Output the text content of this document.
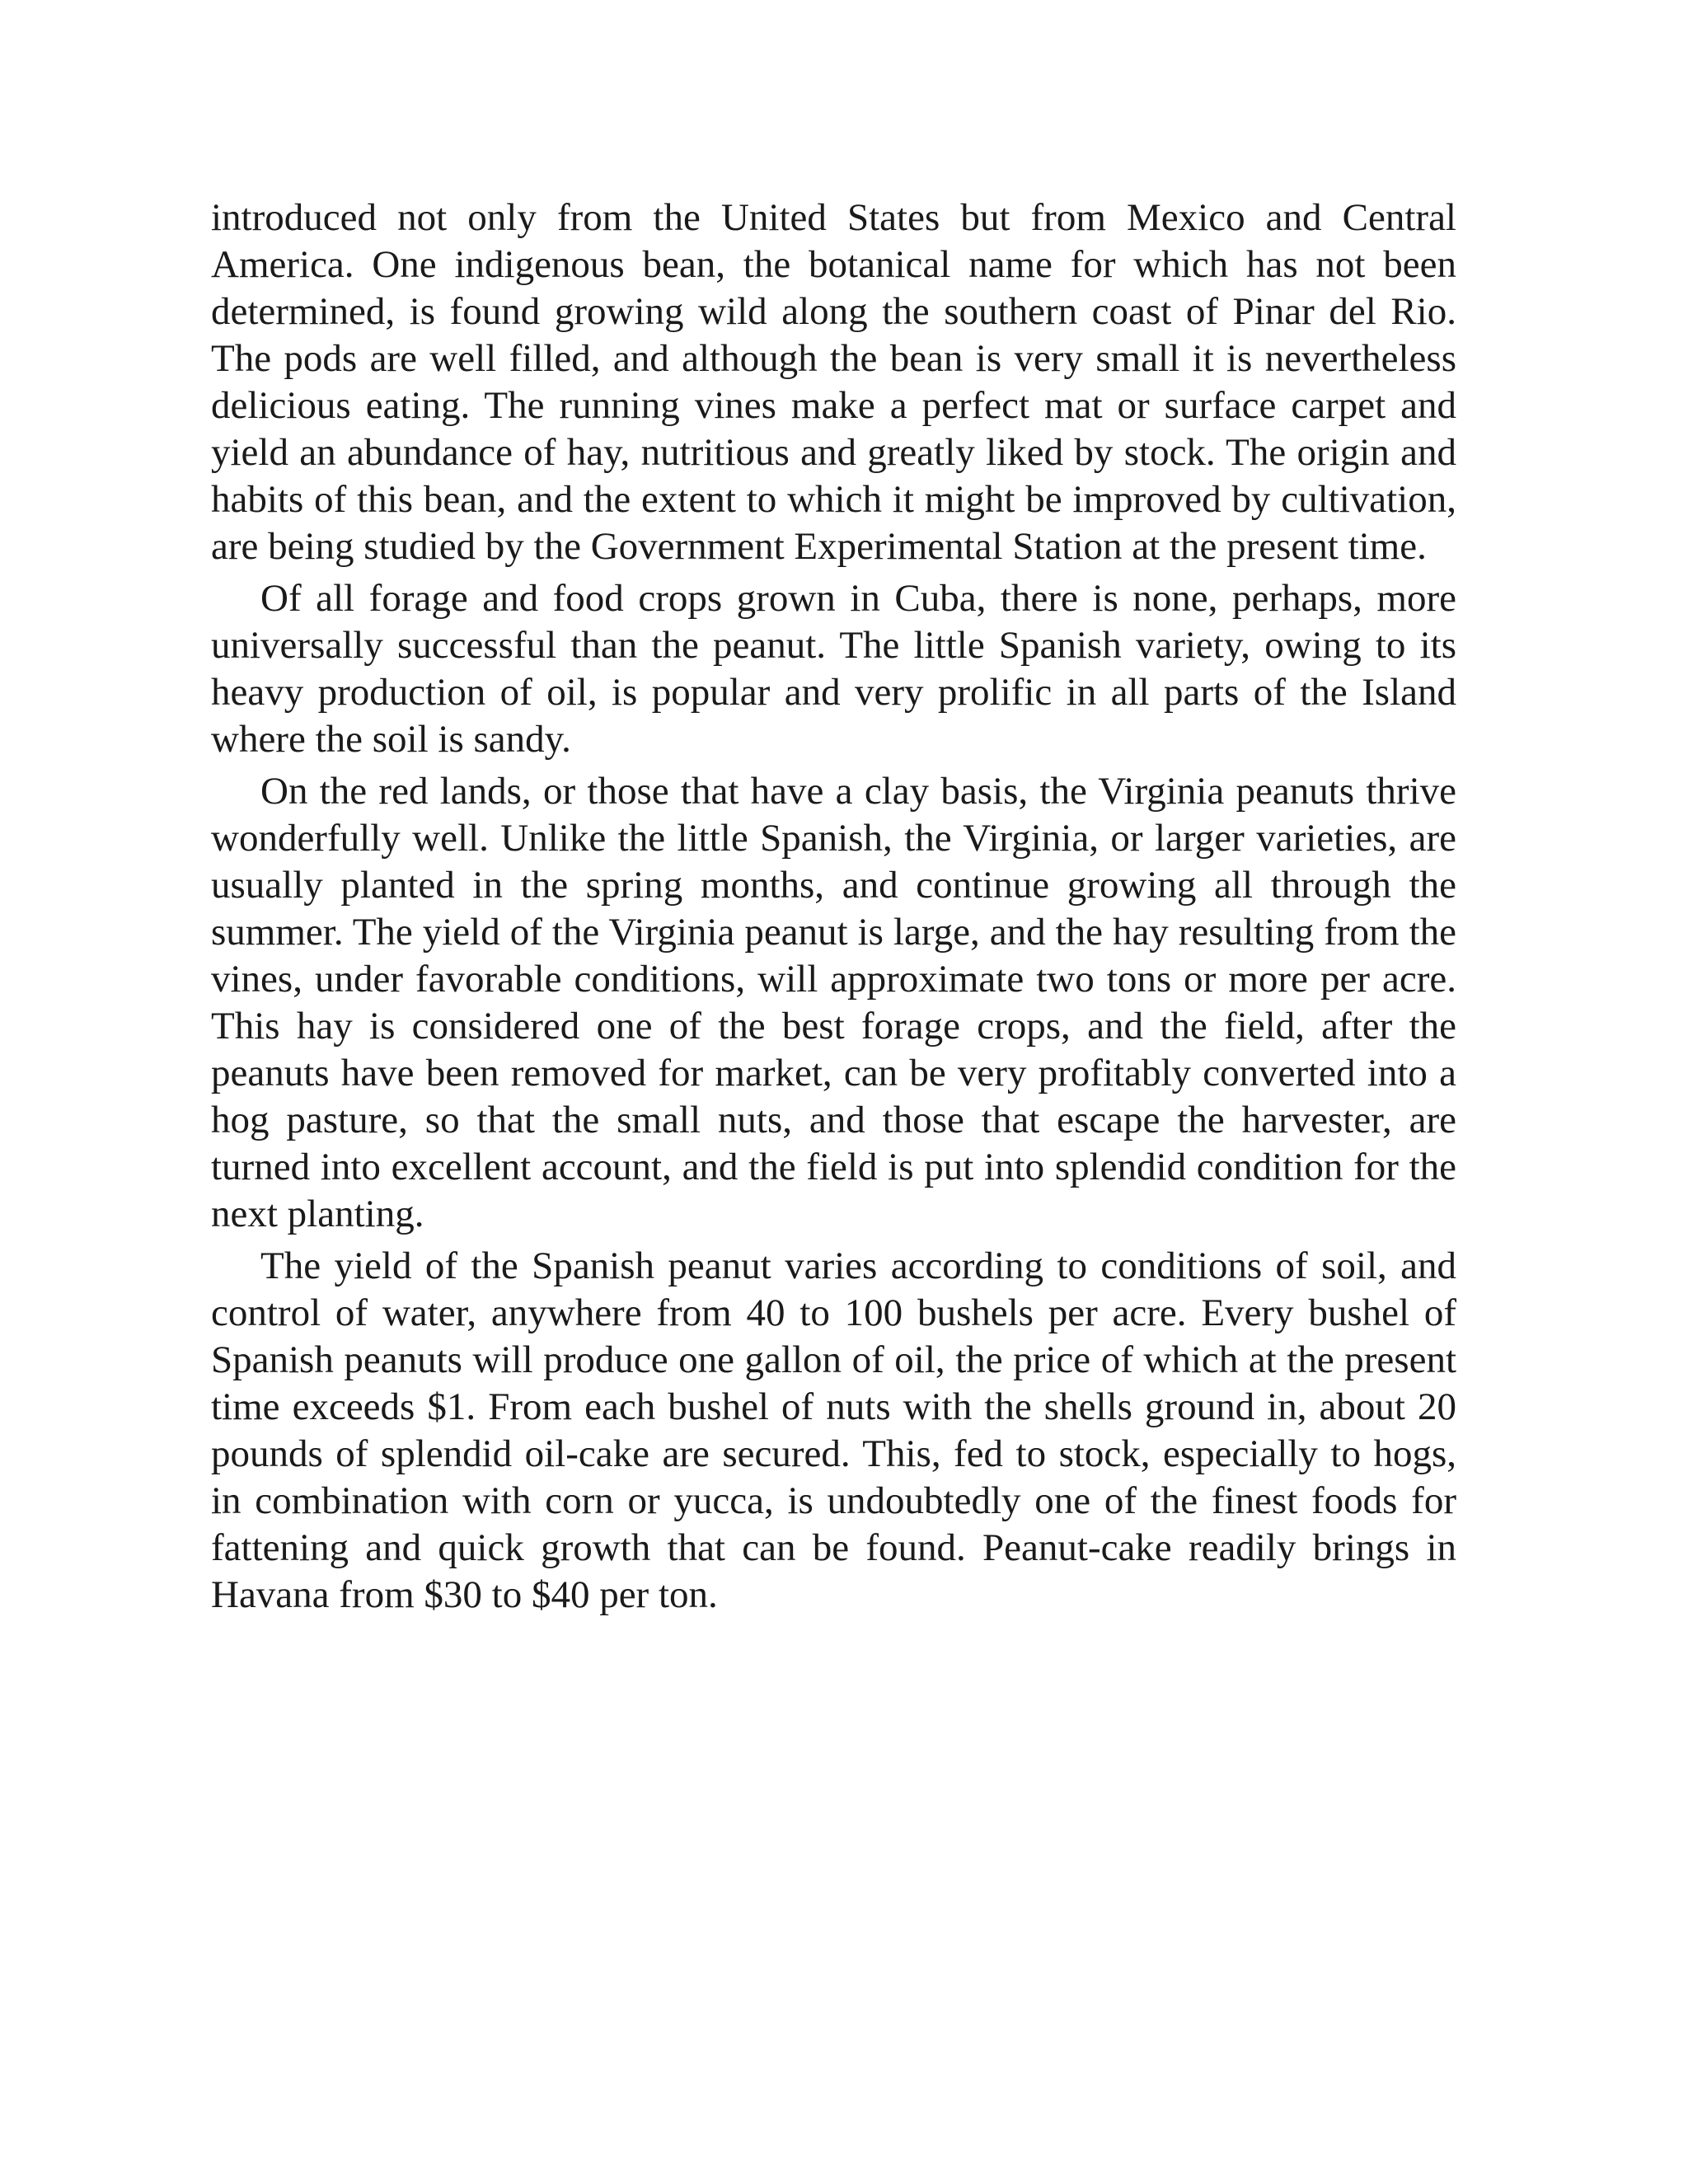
introduced not only from the United States but from Mexico and Central America. One indigenous bean, the botanical name for which has not been determined, is found growing wild along the southern coast of Pinar del Rio. The pods are well filled, and although the bean is very small it is nevertheless delicious eating. The running vines make a perfect mat or surface carpet and yield an abundance of hay, nutritious and greatly liked by stock. The origin and habits of this bean, and the extent to which it might be improved by cultivation, are being studied by the Government Experimental Station at the present time.

Of all forage and food crops grown in Cuba, there is none, perhaps, more universally successful than the peanut. The little Spanish variety, owing to its heavy production of oil, is popular and very prolific in all parts of the Island where the soil is sandy.

On the red lands, or those that have a clay basis, the Virginia peanuts thrive wonderfully well. Unlike the little Spanish, the Virginia, or larger varieties, are usually planted in the spring months, and continue growing all through the summer. The yield of the Virginia peanut is large, and the hay resulting from the vines, under favorable conditions, will approximate two tons or more per acre. This hay is considered one of the best forage crops, and the field, after the peanuts have been removed for market, can be very profitably converted into a hog pasture, so that the small nuts, and those that escape the harvester, are turned into excellent account, and the field is put into splendid condition for the next planting.

The yield of the Spanish peanut varies according to conditions of soil, and control of water, anywhere from 40 to 100 bushels per acre. Every bushel of Spanish peanuts will produce one gallon of oil, the price of which at the present time exceeds $1. From each bushel of nuts with the shells ground in, about 20 pounds of splendid oil-cake are secured. This, fed to stock, especially to hogs, in combination with corn or yucca, is undoubtedly one of the finest foods for fattening and quick growth that can be found. Peanut-cake readily brings in Havana from $30 to $40 per ton.
